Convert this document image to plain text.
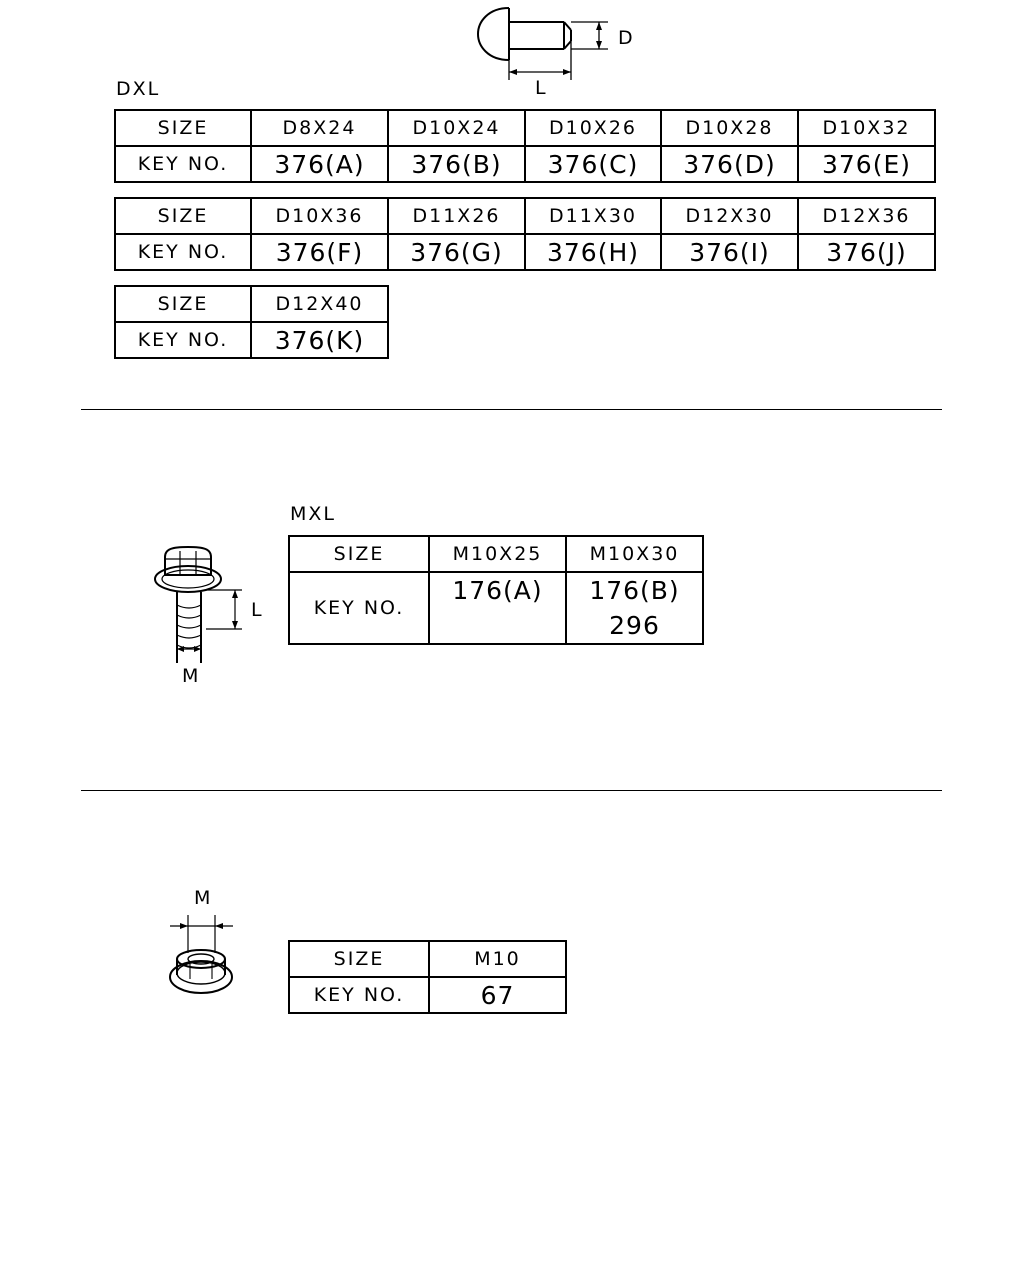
D
L
DXL
SIZE	D8X24	D10X24	D10X26	D10X28	D10X32
KEY NO.	376(A)	376(B)	376(C)	376(D)	376(E)
SIZE	D10X36	D11X26	D11X30	D12X30	D12X36
KEY NO.	376(F)	376(G)	376(H)	376(I)	376(J)
SIZE	D12X40
KEY NO.	376(K)
L
M
MXL
SIZE	M10X25	M10X30
KEY NO.	176(A)	176(B)
296
M
SIZE	M10
KEY NO.	67
